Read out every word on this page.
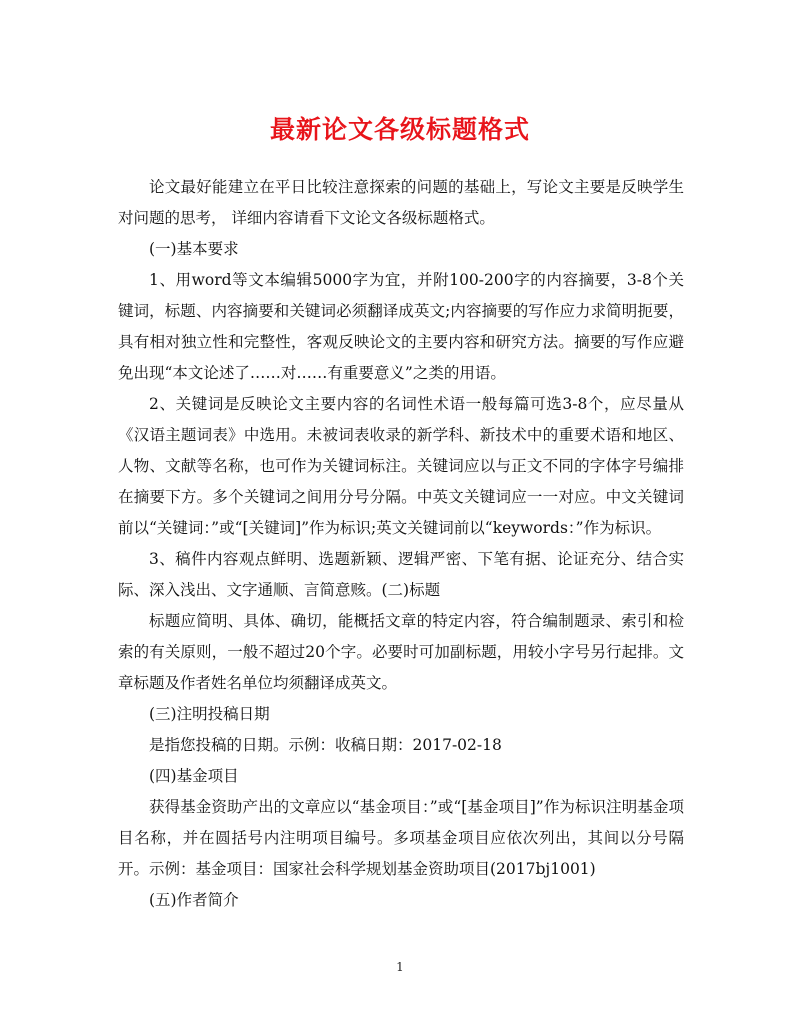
最新论文各级标题格式

论文最好能建立在平日比较注意探索的问题的基础上，写论文主要是反映学生对问题的思考， 详细内容请看下文论文各级标题格式。

(一)基本要求

1、用word等文本编辑5000字为宜，并附100-200字的内容摘要，3-8个关键词，标题、内容摘要和关键词必须翻译成英文;内容摘要的写作应力求简明扼要，具有相对独立性和完整性，客观反映论文的主要内容和研究方法。摘要的写作应避免出现“本文论述了……对……有重要意义”之类的用语。

2、关键词是反映论文主要内容的名词性术语一般每篇可选3-8个，应尽量从《汉语主题词表》中选用。未被词表收录的新学科、新技术中的重要术语和地区、人物、文献等名称，也可作为关键词标注。关键词应以与正文不同的字体字号编排在摘要下方。多个关键词之间用分号分隔。中英文关键词应一一对应。中文关键词前以“关键词：”或“[关键词]”作为标识;英文关键词前以“keywords：”作为标识。

3、稿件内容观点鲜明、选题新颖、逻辑严密、下笔有据、论证充分、结合实际、深入浅出、文字通顺、言简意赅。(二)标题

标题应简明、具体、确切，能概括文章的特定内容，符合编制题录、索引和检索的有关原则，一般不超过20个字。必要时可加副标题，用较小字号另行起排。文章标题及作者姓名单位均须翻译成英文。

(三)注明投稿日期

是指您投稿的日期。示例：收稿日期：2017-02-18

(四)基金项目

获得基金资助产出的文章应以“基金项目：”或“[基金项目]”作为标识注明基金项目名称，并在圆括号内注明项目编号。多项基金项目应依次列出，其间以分号隔开。示例：基金项目：国家社会科学规划基金资助项目(2017bj1001)

(五)作者简介

1
